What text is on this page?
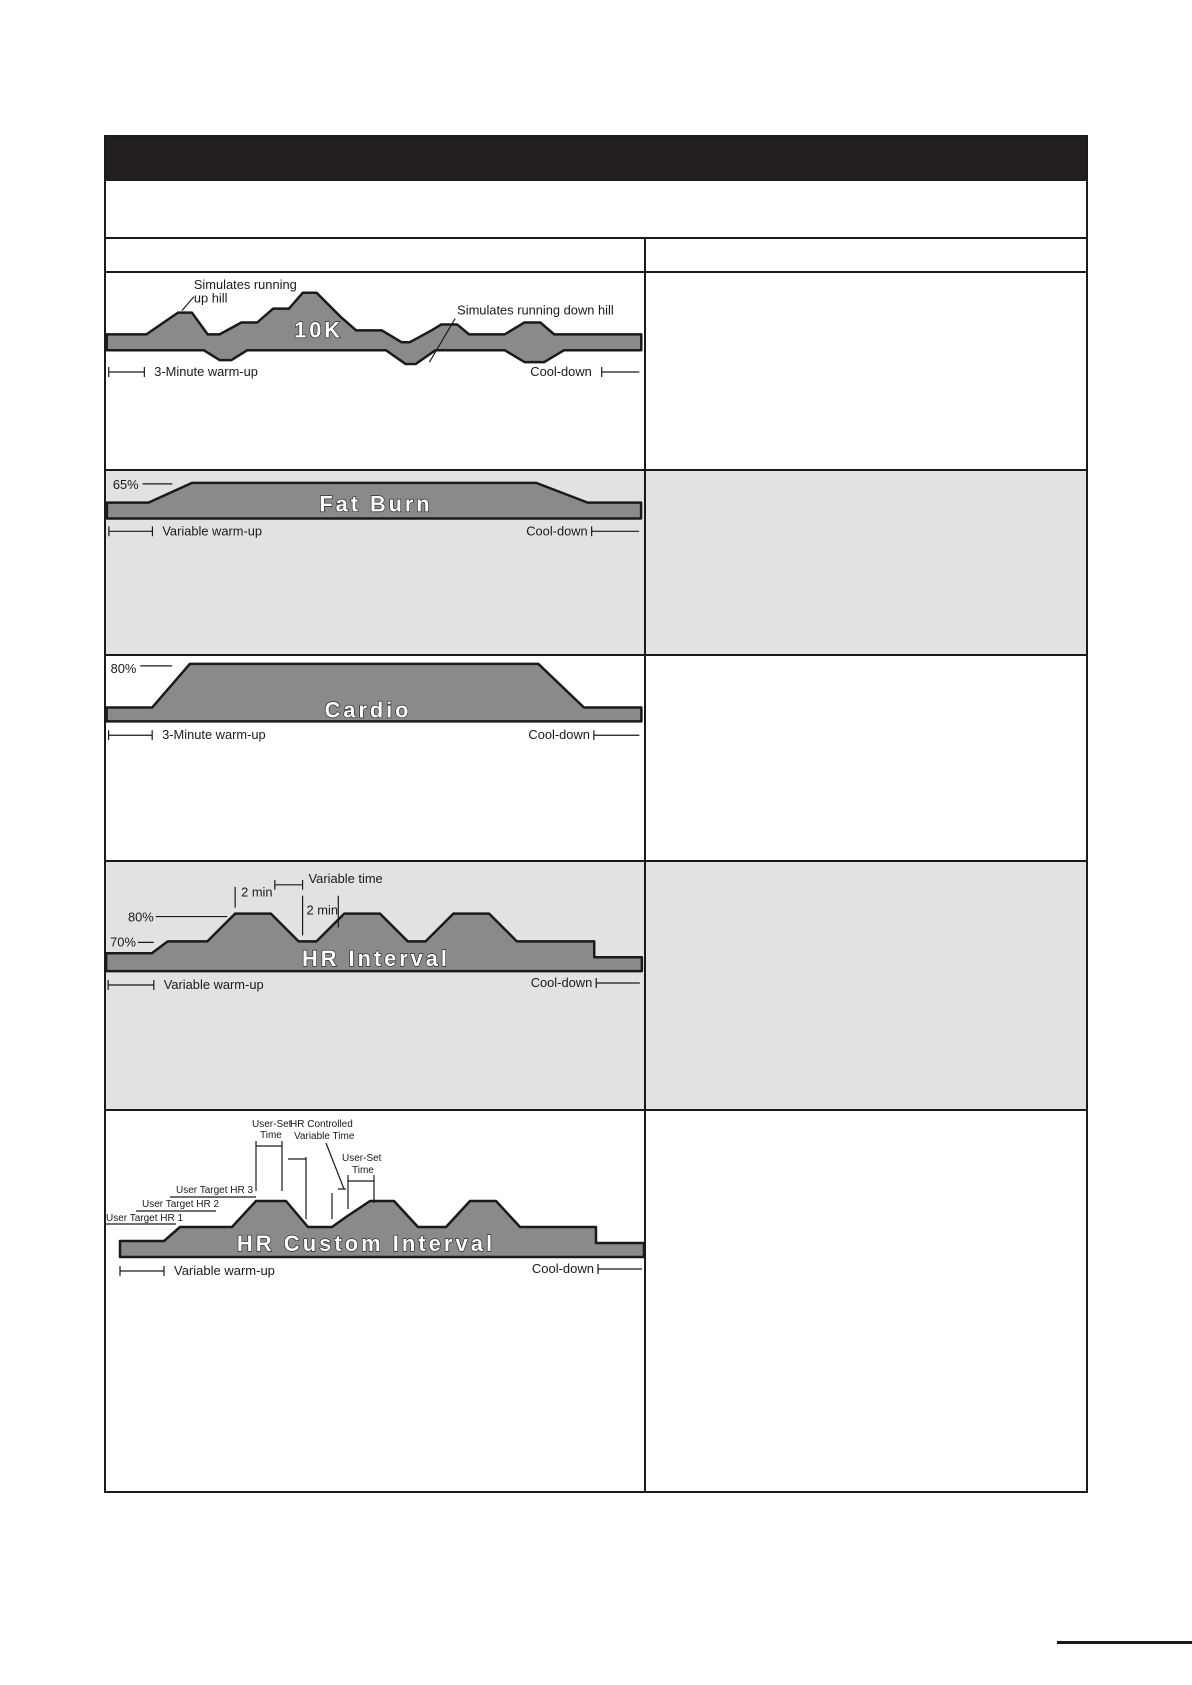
10K
Simulates running
up hill
Simulates running down hill
3-Minute warm-up	Cool-down
Fat Burn
65%
Variable warm-up	Cool-down
Cardio
80%
3-Minute warm-up	Cool-down
HR Interval
80%
70%
2 min
Variable time
2 min
Variable warm-up	Cool-down
HR Custom Interval
User-Set
Time
HR Controlled
Variable Time
User-Set
Time
User Target HR 3
User Target HR 2
User Target HR 1
Variable warm-up	Cool-down
